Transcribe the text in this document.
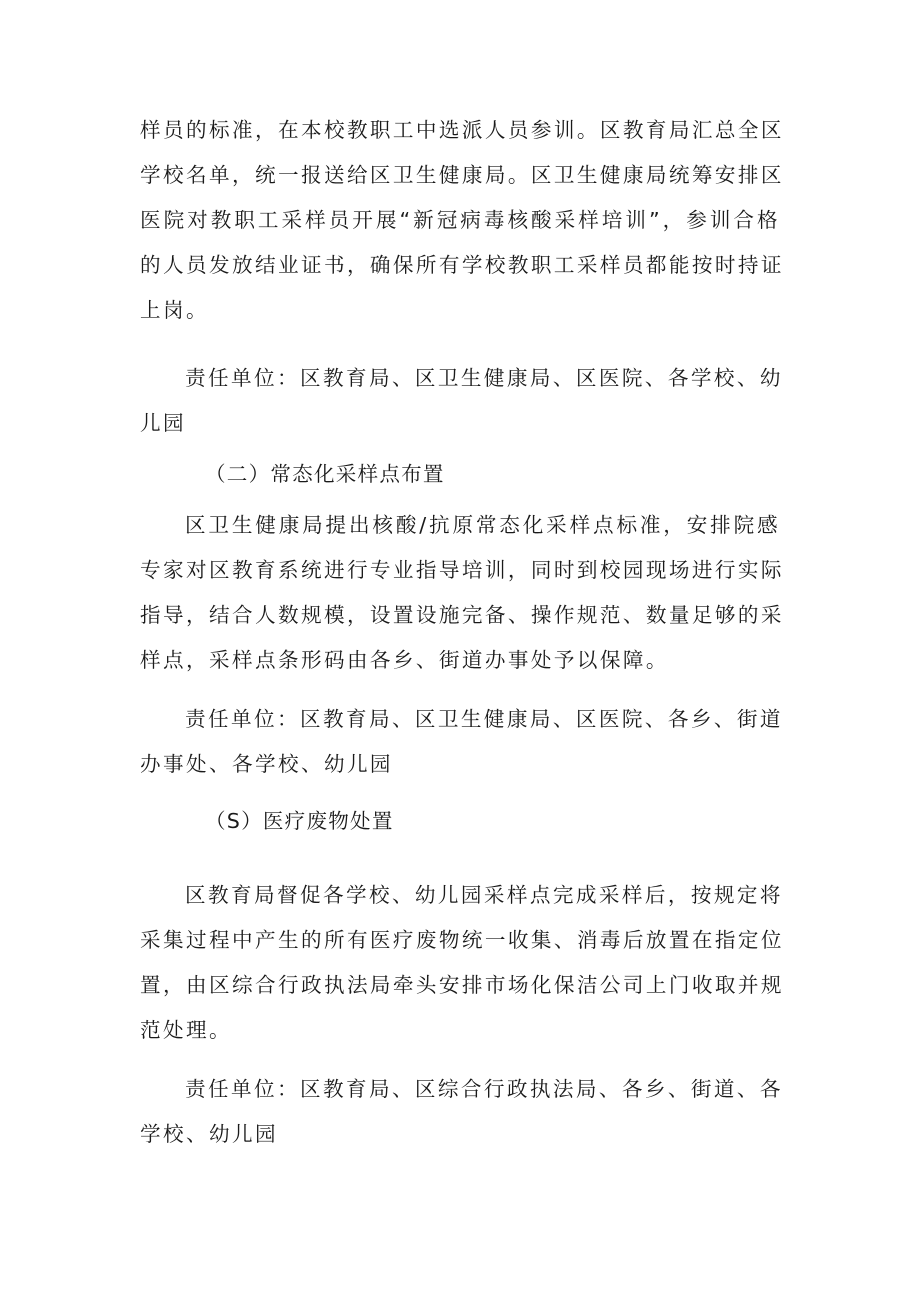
样员的标准，在本校教职工中选派人员参训。区教育局汇总全区
学校名单，统一报送给区卫生健康局。区卫生健康局统筹安排区
医院对教职工采样员开展“新冠病毒核酸采样培训”，参训合格
的人员发放结业证书，确保所有学校教职工采样员都能按时持证
上岗。
责任单位：区教育局、区卫生健康局、区医院、各学校、幼
儿园

（二）常态化采样点布置

区卫生健康局提出核酸/抗原常态化采样点标准，安排院感
专家对区教育系统进行专业指导培训，同时到校园现场进行实际
指导，结合人数规模，设置设施完备、操作规范、数量足够的采
样点，采样点条形码由各乡、街道办事处予以保障。
责任单位：区教育局、区卫生健康局、区医院、各乡、街道
办事处、各学校、幼儿园

（S）医疗废物处置

区教育局督促各学校、幼儿园采样点完成采样后，按规定将
采集过程中产生的所有医疗废物统一收集、消毒后放置在指定位
置，由区综合行政执法局牵头安排市场化保洁公司上门收取并规
范处理。
责任单位：区教育局、区综合行政执法局、各乡、街道、各
学校、幼儿园
